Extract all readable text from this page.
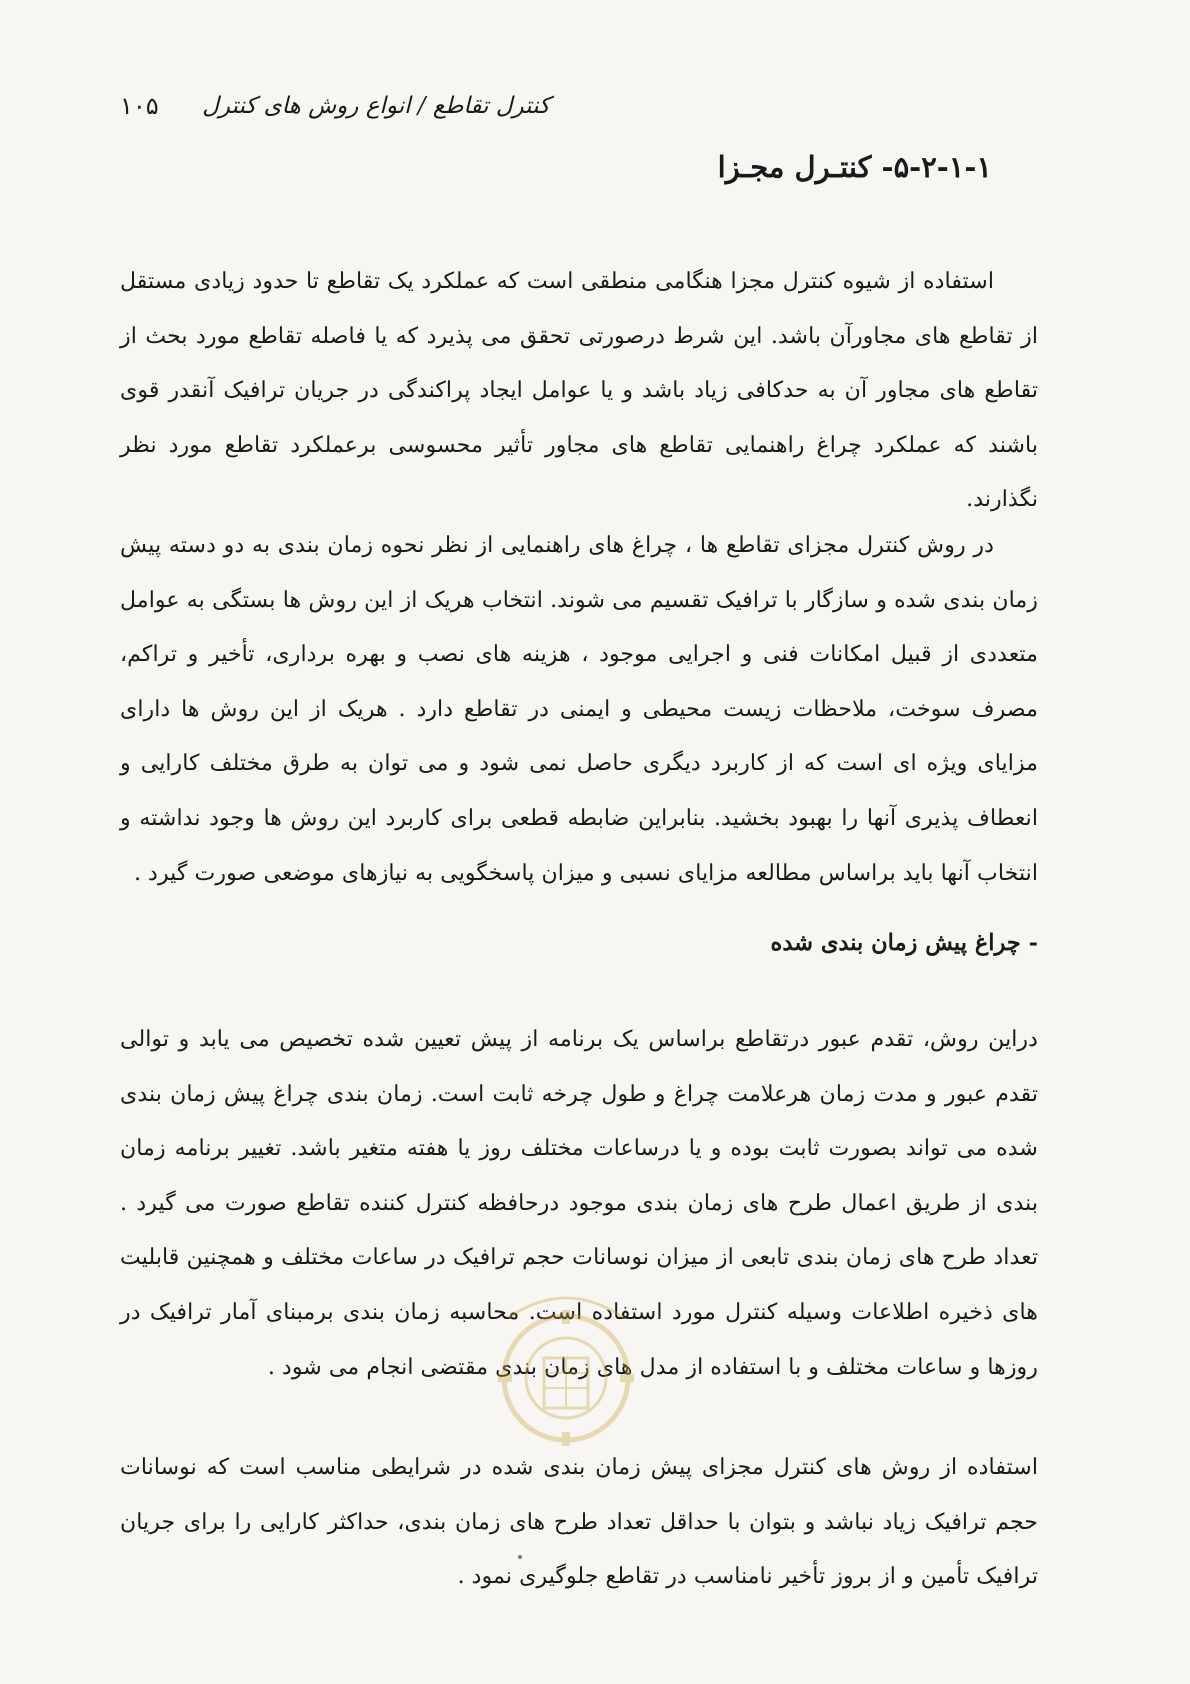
۱۰۵ کنترل تقاطع / انواع روش های کنترل
۵-۲-۱-۱- کنتـرل مجـزا

استفاده از شیوه کنترل مجزا هنگامی منطقی است که عملکرد یک تقاطع تا حدود زیادی مستقل از تقاطع های مجاورآن باشد. این شرط درصورتی تحقق می پذیرد که یا فاصله تقاطع مورد بحث از تقاطع های مجاور آن به حدکافی زیاد باشد و یا عوامل ایجاد پراکندگی در جریان ترافیک آنقدر قوی باشند که عملکرد چراغ راهنمایی تقاطع های مجاور تأثیر محسوسی برعملکرد تقاطع مورد نظر نگذارند.

در روش کنترل مجزای تقاطع ها ، چراغ های راهنمایی از نظر نحوه زمان بندی به دو دسته پیش زمان بندی شده و سازگار با ترافیک تقسیم می شوند. انتخاب هریک از این روش ها بستگی به عوامل متعددی از قبیل امکانات فنی و اجرایی موجود ، هزینه های نصب و بهره برداری، تأخیر و تراکم، مصرف سوخت، ملاحظات زیست محیطی و ایمنی در تقاطع دارد . هریک از این روش ها دارای مزایای ویژه ای است که از کاربرد دیگری حاصل نمی شود و می توان به طرق مختلف کارایی و انعطاف پذیری آنها را بهبود بخشید. بنابراین ضابطه قطعی برای کاربرد این روش ها وجود نداشته و انتخاب آنها باید براساس مطالعه مزایای نسبی و میزان پاسخگویی به نیازهای موضعی صورت گیرد .

- چراغ پیش زمان بندی شده

دراین روش، تقدم عبور درتقاطع براساس یک برنامه از پیش تعیین شده تخصیص می یابد و توالی تقدم عبور و مدت زمان هرعلامت چراغ و طول چرخه ثابت است. زمان بندی چراغ پیش زمان بندی شده می تواند بصورت ثابت بوده و یا درساعات مختلف روز یا هفته متغیر باشد. تغییر برنامه زمان بندی از طریق اعمال طرح های زمان بندی موجود درحافظه کنترل کننده تقاطع صورت می گیرد . تعداد طرح های زمان بندی تابعی از میزان نوسانات حجم ترافیک در ساعات مختلف و همچنین قابلیت های ذخیره اطلاعات وسیله کنترل مورد استفاده است. محاسبه زمان بندی برمبنای آمار ترافیک در روزها و ساعات مختلف و با استفاده از مدل های زمان بندی مقتضی انجام می شود .

استفاده از روش های کنترل مجزای پیش زمان بندی شده در شرایطی مناسب است که نوسانات حجم ترافیک زیاد نباشد و بتوان با حداقل تعداد طرح های زمان بندی، حداکثر کارایی را برای جریان ترافیک تأمین و از بروز تأخیر نامناسب در تقاطع جلوگیری نمود .
